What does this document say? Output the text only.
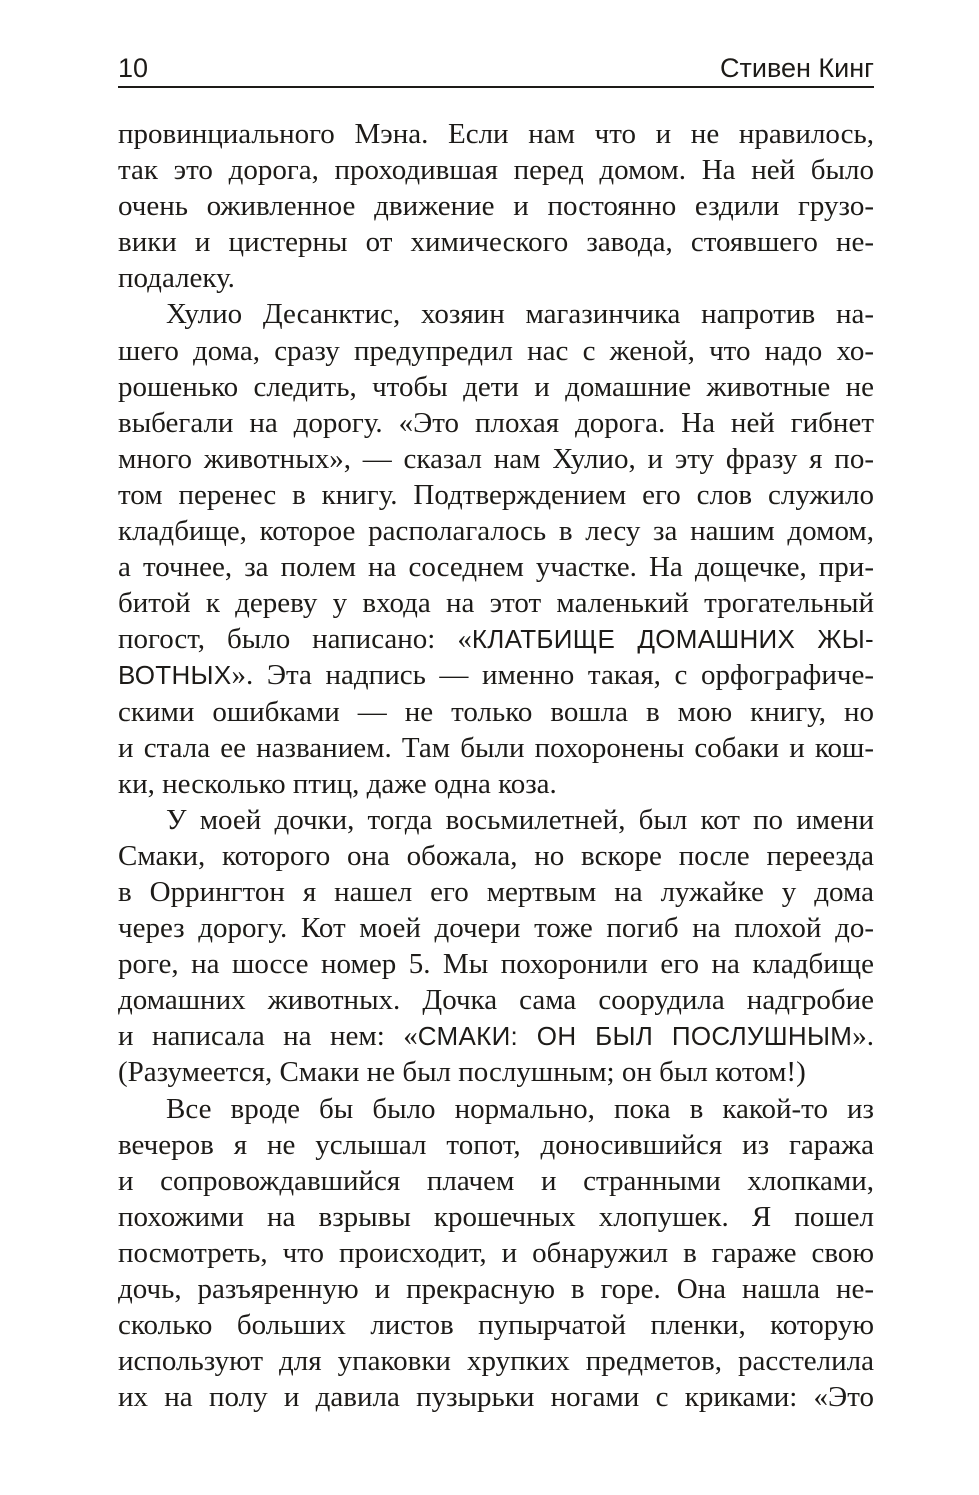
10	Стивен Кинг
провинциального Мэна. Если нам что и не нравилось,
так это дорога, проходившая перед домом. На ней было
очень оживленное движение и постоянно ездили грузо-
вики и цистерны от химического завода, стоявшего не-
подалеку.
Хулио Десанктис, хозяин магазинчика напротив на-
шего дома, сразу предупредил нас с женой, что надо хо-
рошенько следить, чтобы дети и домашние животные не
выбегали на дорогу. «Это плохая дорога. На ней гибнет
много животных», — сказал нам Хулио, и эту фразу я по-
том перенес в книгу. Подтверждением его слов служило
кладбище, которое располагалось в лесу за нашим домом,
а точнее, за полем на соседнем участке. На дощечке, при-
битой к дереву у входа на этот маленький трогательный
погост, было написано: «КЛАТБИЩЕ ДОМАШНИХ ЖЫ-
ВОТНЫХ». Эта надпись — именно такая, с орфографиче-
скими ошибками — не только вошла в мою книгу, но
и стала ее названием. Там были похоронены собаки и кош-
ки, несколько птиц, даже одна коза.
У моей дочки, тогда восьмилетней, был кот по имени
Смаки, которого она обожала, но вскоре после переезда
в Оррингтон я нашел его мертвым на лужайке у дома
через дорогу. Кот моей дочери тоже погиб на плохой до-
роге, на шоссе номер 5. Мы похоронили его на кладбище
домашних животных. Дочка сама соорудила надгробие
и написала на нем: «СМАКИ: ОН БЫЛ ПОСЛУШНЫМ».
(Разумеется, Смаки не был послушным; он был котом!)
Все вроде бы было нормально, пока в какой-то из
вечеров я не услышал топот, доносившийся из гаража
и сопровождавшийся плачем и странными хлопками,
похожими на взрывы крошечных хлопушек. Я пошел
посмотреть, что происходит, и обнаружил в гараже свою
дочь, разъяренную и прекрасную в горе. Она нашла не-
сколько больших листов пупырчатой пленки, которую
используют для упаковки хрупких предметов, расстелила
их на полу и давила пузырьки ногами с криками: «Это
